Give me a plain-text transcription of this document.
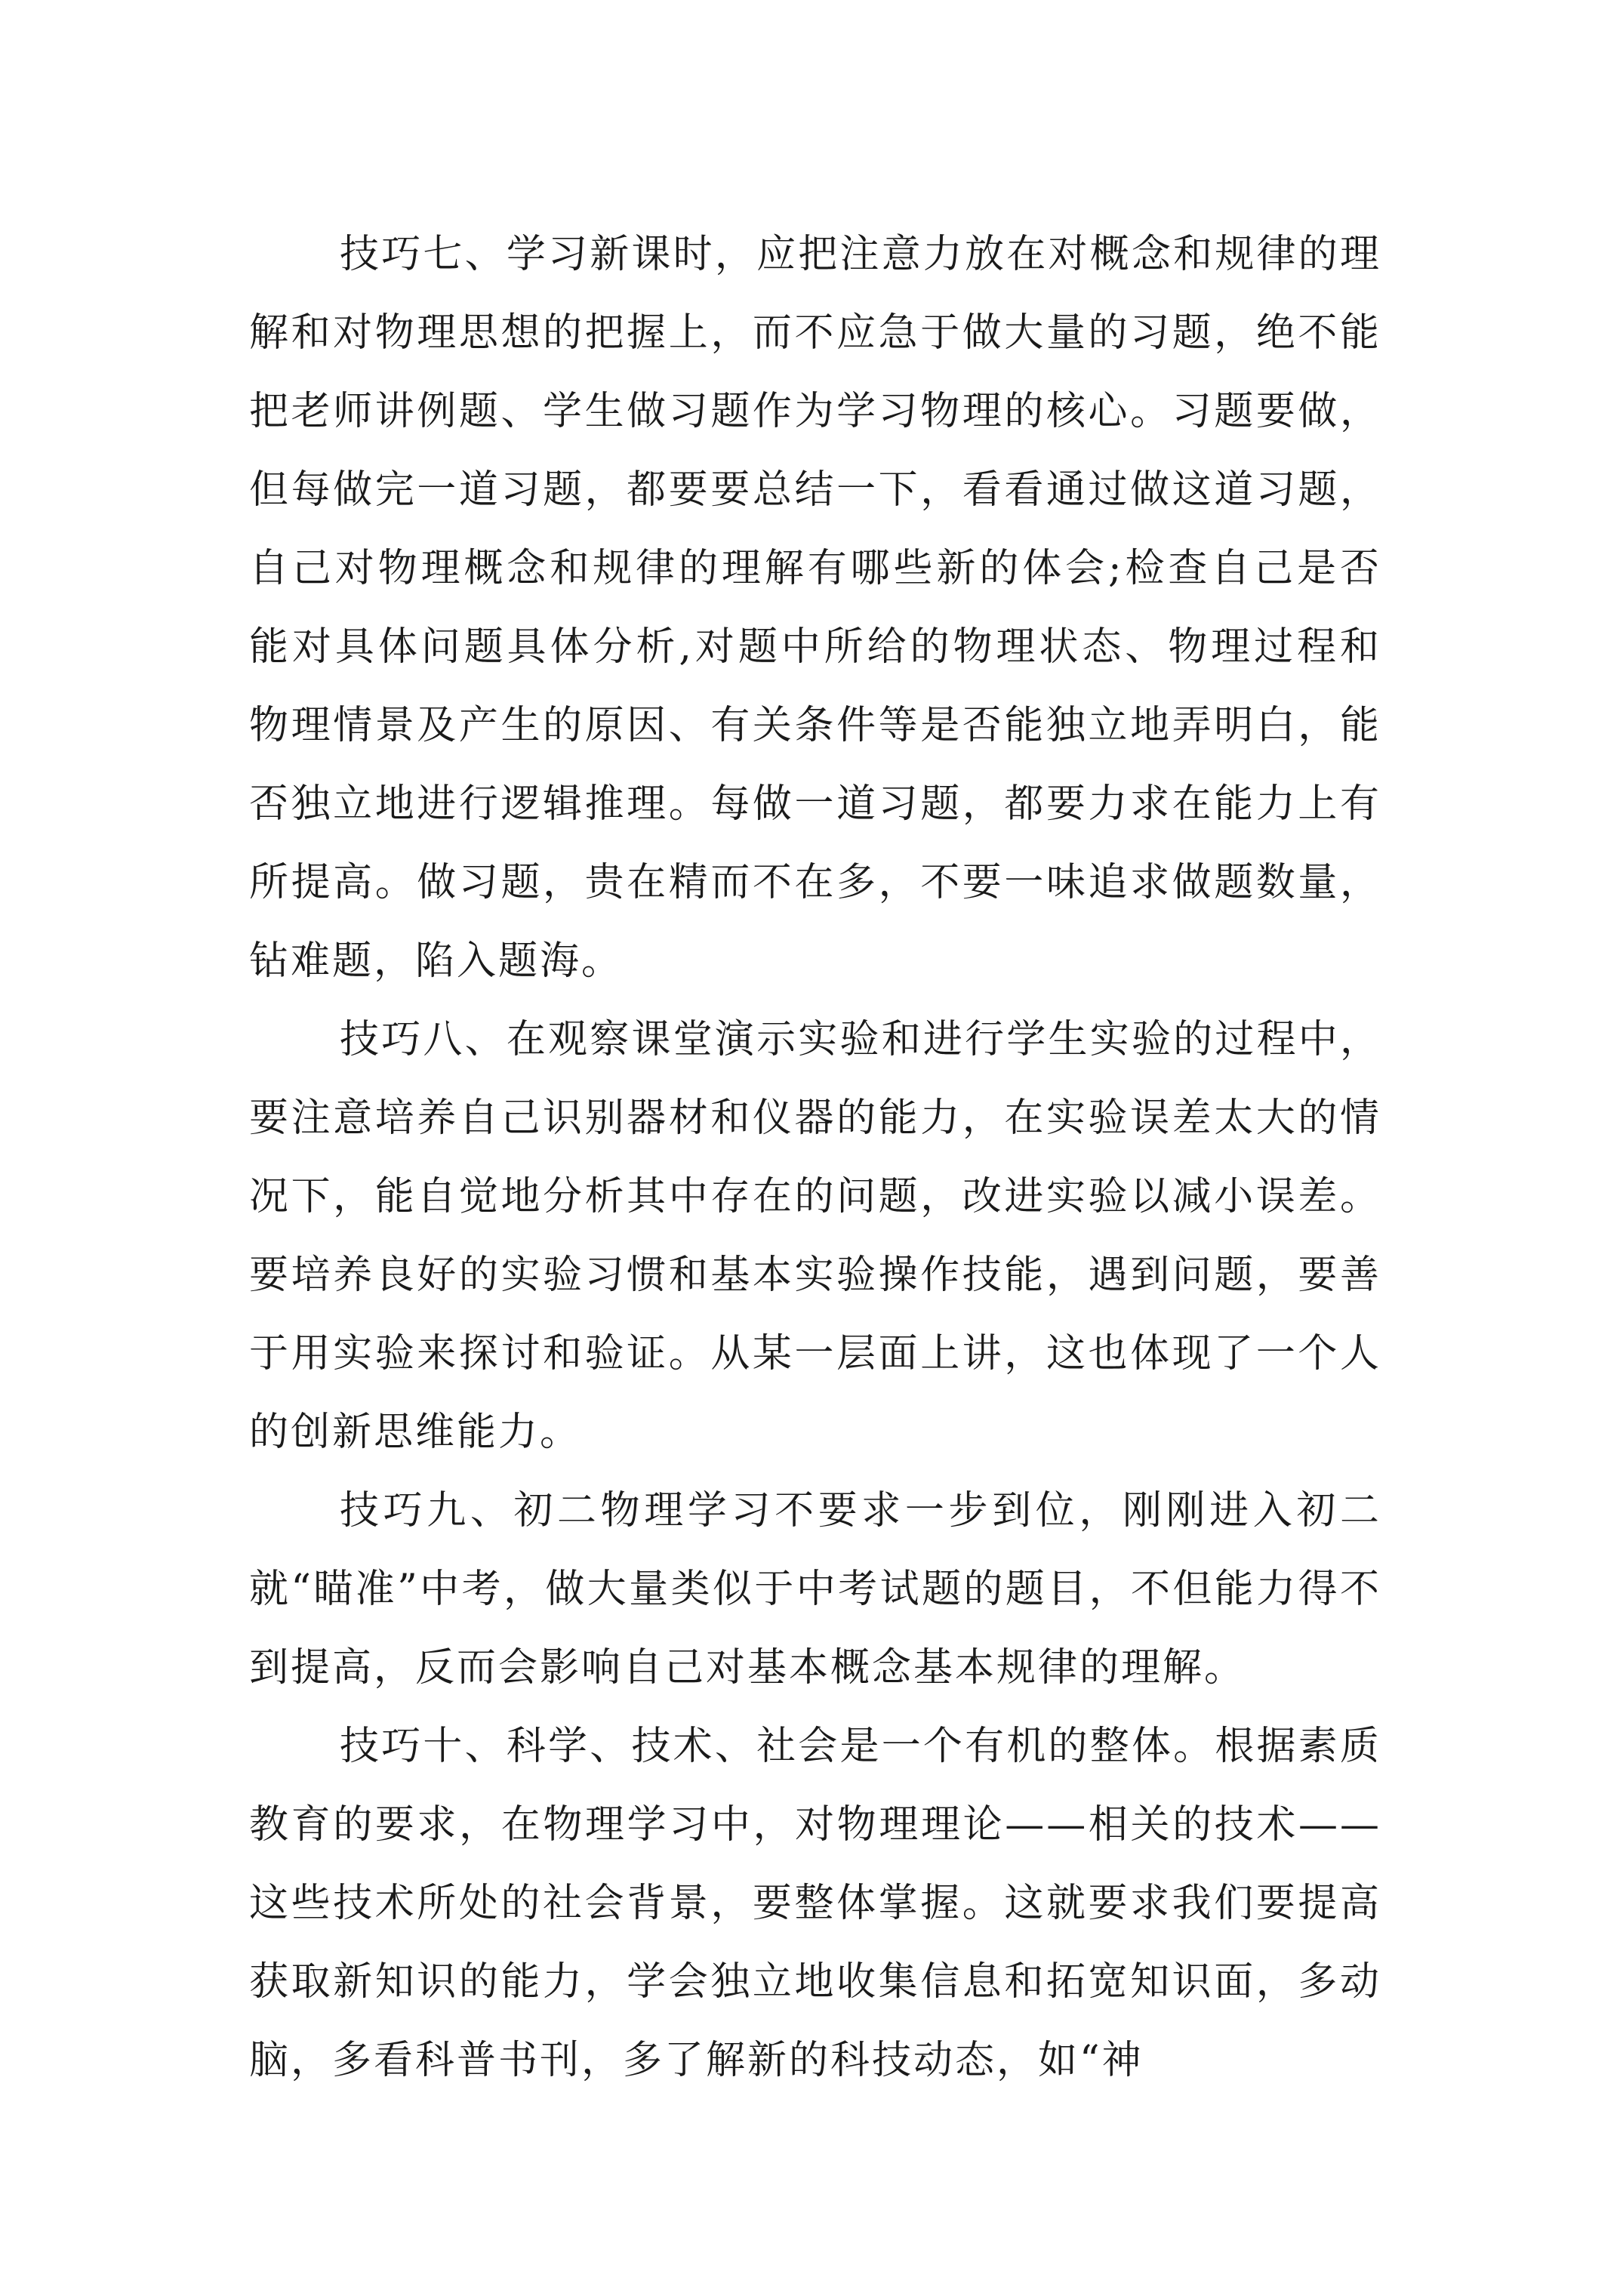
技巧七、学习新课时，应把注意力放在对概念和规律的理解和对物理思想的把握上，而不应急于做大量的习题，绝不能把老师讲例题、学生做习题作为学习物理的核心。习题要做，但每做完一道习题，都要要总结一下，看看通过做这道习题，自己对物理概念和规律的理解有哪些新的体会;检查自己是否能对具体问题具体分析,对题中所给的物理状态、物理过程和物理情景及产生的原因、有关条件等是否能独立地弄明白，能否独立地进行逻辑推理。每做一道习题，都要力求在能力上有所提高。做习题，贵在精而不在多，不要一味追求做题数量，钻难题，陷入题海。

技巧八、在观察课堂演示实验和进行学生实验的过程中，要注意培养自己识别器材和仪器的能力，在实验误差太大的情况下，能自觉地分析其中存在的问题，改进实验以减小误差。要培养良好的实验习惯和基本实验操作技能，遇到问题，要善于用实验来探讨和验证。从某一层面上讲，这也体现了一个人的创新思维能力。

技巧九、初二物理学习不要求一步到位，刚刚进入初二就“瞄准”中考，做大量类似于中考试题的题目，不但能力得不到提高，反而会影响自己对基本概念基本规律的理解。

技巧十、科学、技术、社会是一个有机的整体。根据素质教育的要求，在物理学习中，对物理理论——相关的技术——这些技术所处的社会背景，要整体掌握。这就要求我们要提高获取新知识的能力，学会独立地收集信息和拓宽知识面，多动脑，多看科普书刊，多了解新的科技动态，如“神
